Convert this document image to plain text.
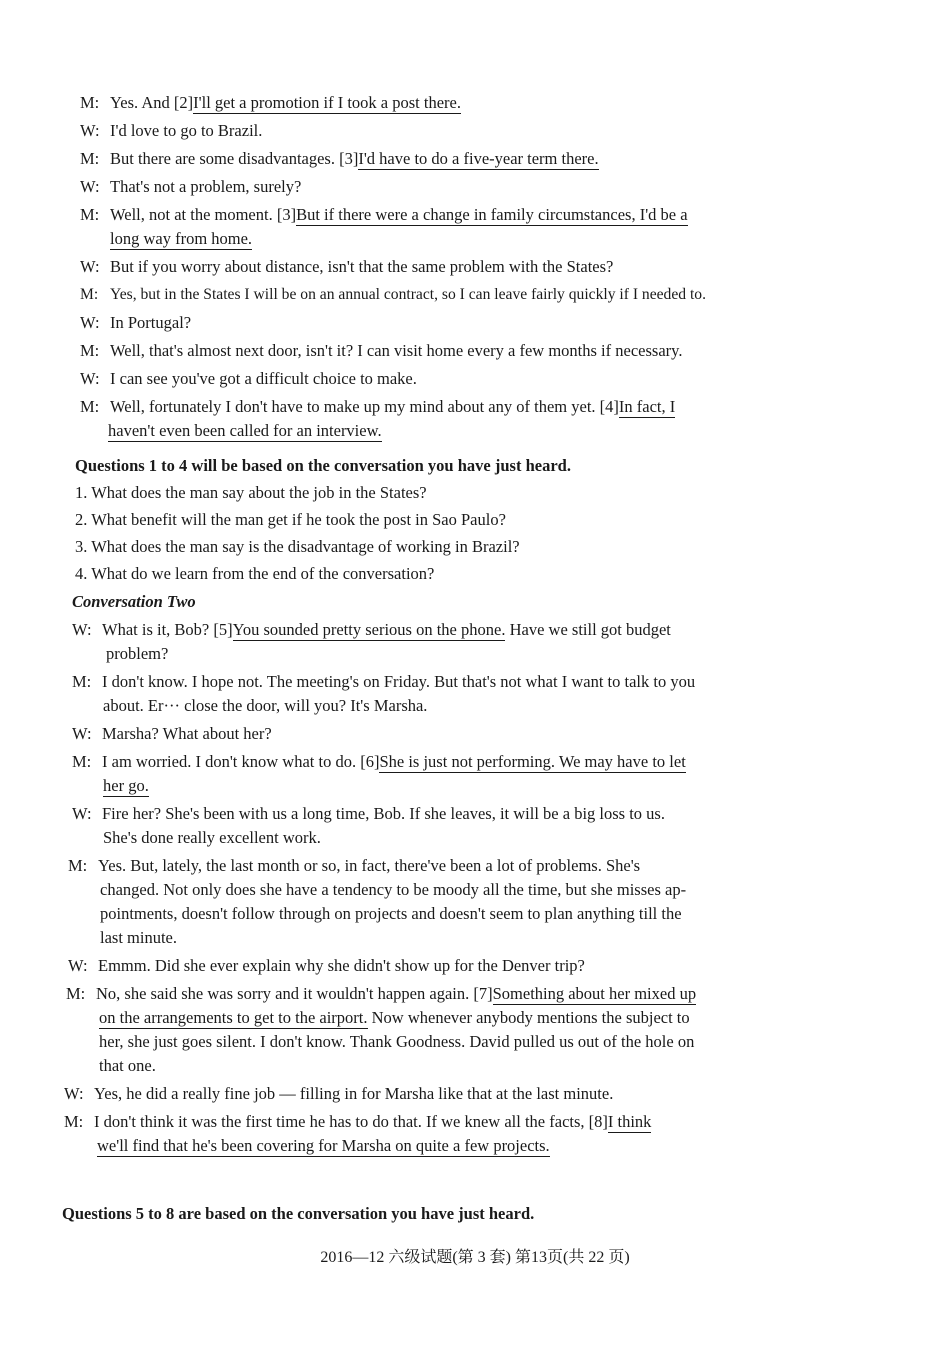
M: Yes. And [2]I'll get a promotion if I took a post there.
W: I'd love to go to Brazil.
M: But there are some disadvantages. [3]I'd have to do a five-year term there.
W: That's not a problem, surely?
M: Well, not at the moment. [3]But if there were a change in family circumstances, I'd be a
long way from home.
W: But if you worry about distance, isn't that the same problem with the States?
M: Yes, but in the States I will be on an annual contract, so I can leave fairly quickly if I needed to.
W: In Portugal?
M: Well, that's almost next door, isn't it? I can visit home every a few months if necessary.
W: I can see you've got a difficult choice to make.
M: Well, fortunately I don't have to make up my mind about any of them yet. [4]In fact, I
haven't even been called for an interview.
Questions 1 to 4 will be based on the conversation you have just heard.
1. What does the man say about the job in the States?
2. What benefit will the man get if he took the post in Sao Paulo?
3. What does the man say is the disadvantage of working in Brazil?
4. What do we learn from the end of the conversation?
Conversation Two
W: What is it, Bob? [5]You sounded pretty serious on the phone. Have we still got budget
problem?
M: I don't know. I hope not. The meeting's on Friday. But that's not what I want to talk to you
about. Er··· close the door, will you? It's Marsha.
W: Marsha? What about her?
M: I am worried. I don't know what to do. [6]She is just not performing. We may have to let
her go.
W: Fire her? She's been with us a long time, Bob. If she leaves, it will be a big loss to us.
She's done really excellent work.
M: Yes. But, lately, the last month or so, in fact, there've been a lot of problems. She's
changed. Not only does she have a tendency to be moody all the time, but she misses ap-
pointments, doesn't follow through on projects and doesn't seem to plan anything till the
last minute.
W: Emmm. Did she ever explain why she didn't show up for the Denver trip?
M: No, she said she was sorry and it wouldn't happen again. [7]Something about her mixed up
on the arrangements to get to the airport. Now whenever anybody mentions the subject to
her, she just goes silent. I don't know. Thank Goodness. David pulled us out of the hole on
that one.
W: Yes, he did a really fine job — filling in for Marsha like that at the last minute.
M: I don't think it was the first time he has to do that. If we knew all the facts, [8]I think
we'll find that he's been covering for Marsha on quite a few projects.
Questions 5 to 8 are based on the conversation you have just heard.
2016—12 六级试题(第 3 套) 第13页(共 22 页)
